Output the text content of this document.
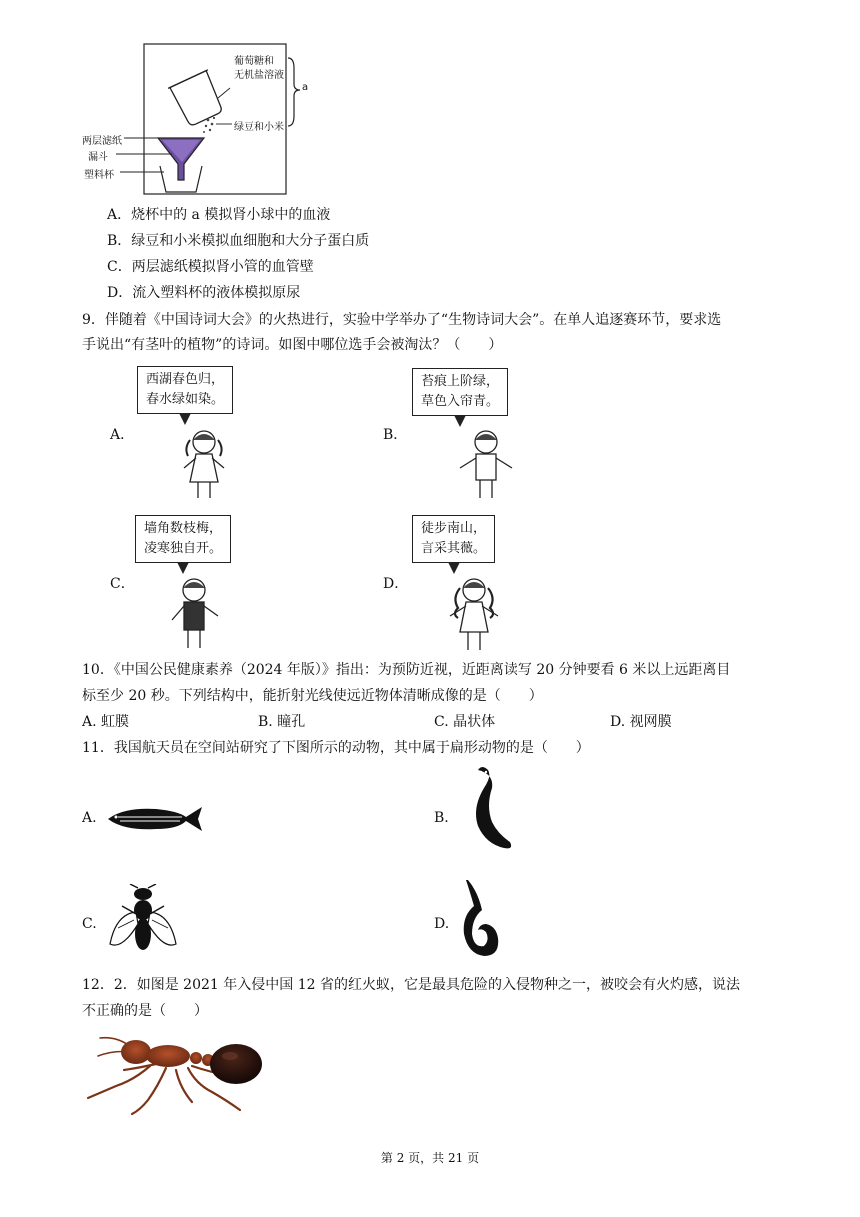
两层滤纸
漏斗
塑料杯
葡萄糖和
无机盐溶液
绿豆和小米
a
A．烧杯中的 a 模拟肾小球中的血液
B．绿豆和小米模拟血细胞和大分子蛋白质
C．两层滤纸模拟肾小管的血管壁
D．流入塑料杯的液体模拟原尿
9．伴随着《中国诗词大会》的火热进行，实验中学举办了“生物诗词大会”。在单人追逐赛环节，要求选
手说出“有茎叶的植物”的诗词。如图中哪位选手会被淘汰？（　　）
A．
西湖春色归，
春水绿如染。
B．
苔痕上阶绿，
草色入帘青。
C．
墙角数枝梅，
凌寒独自开。
D．
徒步南山，
言采其薇。
10．《中国公民健康素养（2024 年版）》指出：为预防近视，近距离读写 20 分钟要看 6 米以上远距离目
标至少 20 秒。下列结构中，能折射光线使远近物体清晰成像的是（　　）
A. 虹膜	B. 瞳孔	C. 晶状体	D. 视网膜
11．我国航天员在空间站研究了下图所示的动物，其中属于扁形动物的是（　　）
A.	B.
C.	D.
12．2．如图是 2021 年入侵中国 12 省的红火蚁，它是最具危险的入侵物种之一，被咬会有火灼感，说法
不正确的是（　　）
第 2 页，共 21 页
